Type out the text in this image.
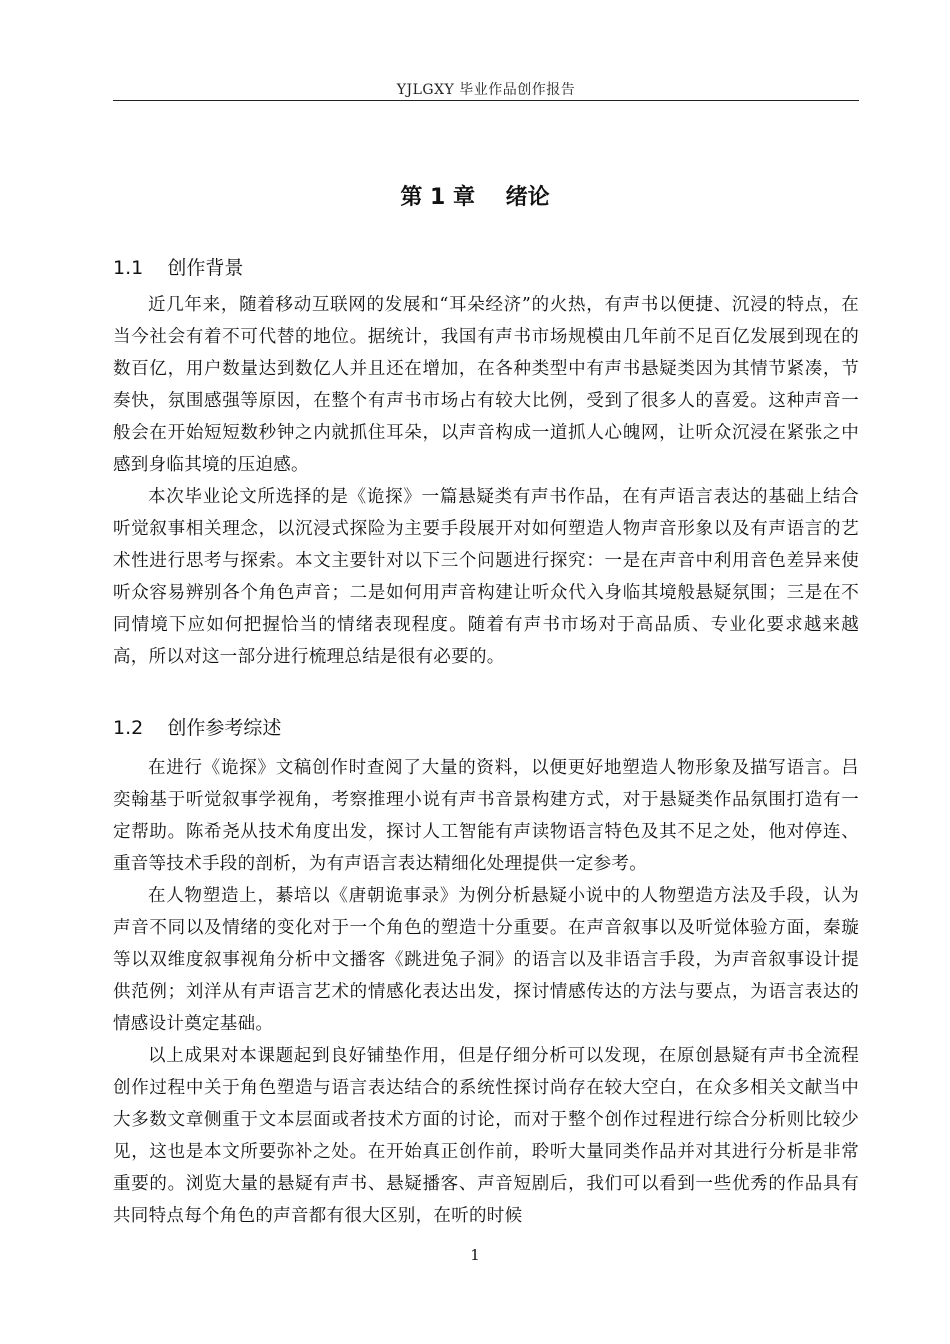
YJLGXY 毕业作品创作报告
第 1 章    绪论
1.1    创作背景
近几年来，随着移动互联网的发展和“耳朵经济”的火热，有声书以便捷、沉浸的特点，在当今社会有着不可代替的地位。据统计，我国有声书市场规模由几年前不足百亿发展到现在的数百亿，用户数量达到数亿人并且还在增加，在各种类型中有声书悬疑类因为其情节紧凑，节奏快，氛围感强等原因，在整个有声书市场占有较大比例，受到了很多人的喜爱。这种声音一般会在开始短短数秒钟之内就抓住耳朵，以声音构成一道抓人心魄网，让听众沉浸在紧张之中感到身临其境的压迫感。
本次毕业论文所选择的是《诡探》一篇悬疑类有声书作品，在有声语言表达的基础上结合听觉叙事相关理念，以沉浸式探险为主要手段展开对如何塑造人物声音形象以及有声语言的艺术性进行思考与探索。本文主要针对以下三个问题进行探究：一是在声音中利用音色差异来使听众容易辨别各个角色声音；二是如何用声音构建让听众代入身临其境般悬疑氛围；三是在不同情境下应如何把握恰当的情绪表现程度。随着有声书市场对于高品质、专业化要求越来越高，所以对这一部分进行梳理总结是很有必要的。
1.2    创作参考综述
在进行《诡探》文稿创作时查阅了大量的资料，以便更好地塑造人物形象及描写语言。吕奕翰基于听觉叙事学视角，考察推理小说有声书音景构建方式，对于悬疑类作品氛围打造有一定帮助。陈希尧从技术角度出发，探讨人工智能有声读物语言特色及其不足之处，他对停连、重音等技术手段的剖析，为有声语言表达精细化处理提供一定参考。
在人物塑造上，綦培以《唐朝诡事录》为例分析悬疑小说中的人物塑造方法及手段，认为声音不同以及情绪的变化对于一个角色的塑造十分重要。在声音叙事以及听觉体验方面，秦璇等以双维度叙事视角分析中文播客《跳进兔子洞》的语言以及非语言手段，为声音叙事设计提供范例；刘洋从有声语言艺术的情感化表达出发，探讨情感传达的方法与要点，为语言表达的情感设计奠定基础。
以上成果对本课题起到良好铺垫作用，但是仔细分析可以发现，在原创悬疑有声书全流程创作过程中关于角色塑造与语言表达结合的系统性探讨尚存在较大空白，在众多相关文献当中大多数文章侧重于文本层面或者技术方面的讨论，而对于整个创作过程进行综合分析则比较少见，这也是本文所要弥补之处。在开始真正创作前，聆听大量同类作品并对其进行分析是非常重要的。浏览大量的悬疑有声书、悬疑播客、声音短剧后，我们可以看到一些优秀的作品具有共同特点每个角色的声音都有很大区别，在听的时候
1
